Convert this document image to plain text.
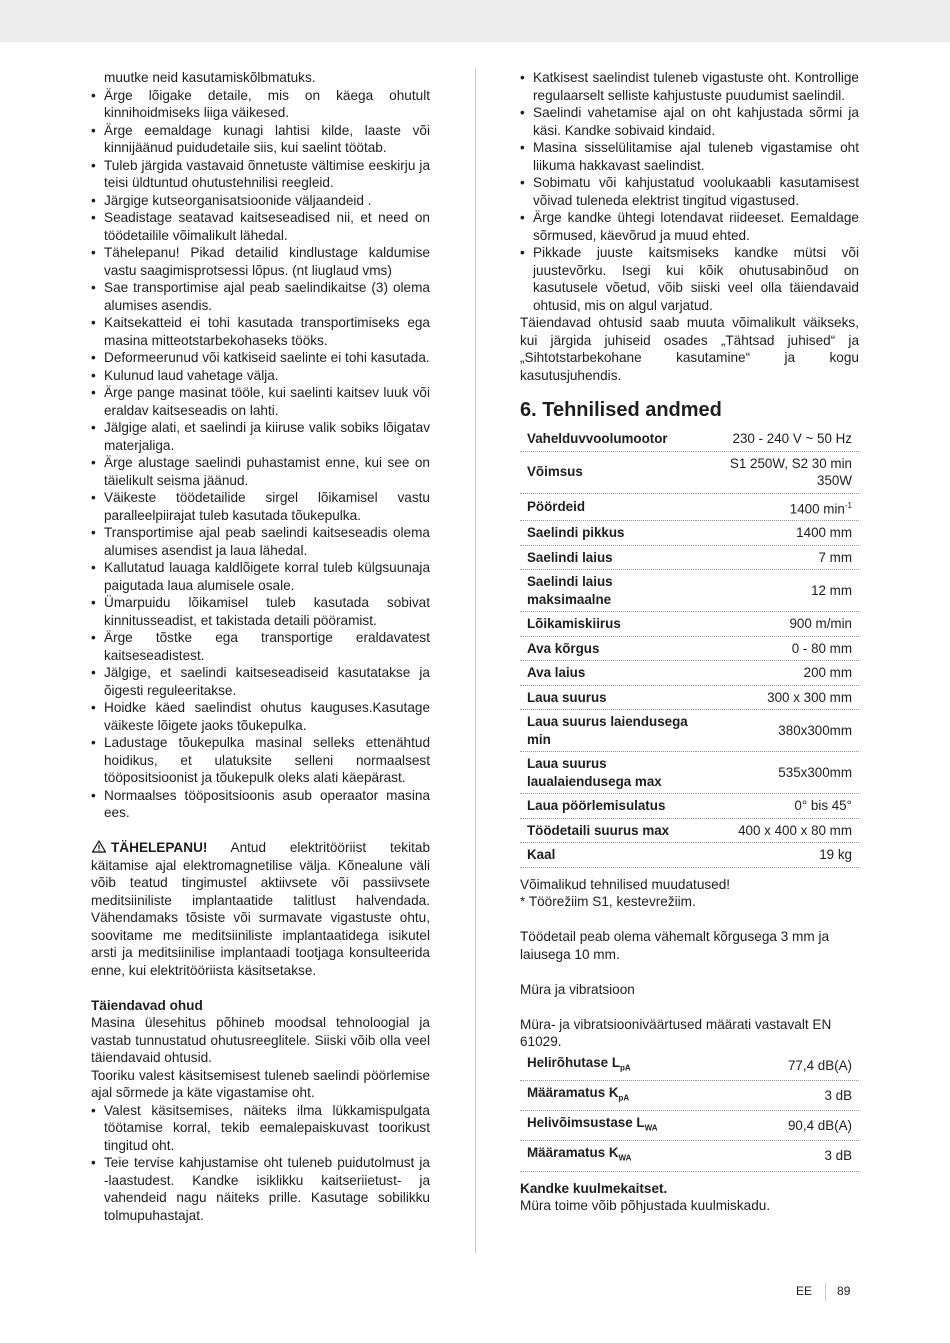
muutke neid kasutamiskõlbmatuks.

• Ärge lõigake detaile, mis on käega ohutult kinnihoidmiseks liiga väikesed.
• Ärge eemaldage kunagi lahtisi kilde, laaste või kinnijäänud puidudetaile siis, kui saelint töötab.
• Tuleb järgida vastavaid õnnetuste vältimise eeskirju ja teisi üldtuntud ohutustehnilisi reegleid.
• Järgige kutseorganisatsioonide väljaandeid .
• Seadistage seatavad kaitseseadised nii, et need on töödetailile võimalikult lähedal.
• Tähelepanu! Pikad detailid kindlustage kaldumise vastu saagimisprotsessi lõpus. (nt liuglaud vms)
• Sae transportimise ajal peab saelindikaitse (3) olema alumises asendis.
• Kaitsekatteid ei tohi kasutada transportimiseks ega masina mitteotstarbekohaseks tööks.
• Deformeerunud või katkiseid saelinte ei tohi kasutada.
• Kulunud laud vahetage välja.
• Ärge pange masinat tööle, kui saelinti kaitsev luuk või eraldav kaitseseadis on lahti.
• Jälgige alati, et saelindi ja kiiruse valik sobiks lõigatav materjaliga.
• Ärge alustage saelindi puhastamist enne, kui see on täielikult seisma jäänud.
• Väikeste töödetailide sirgel lõikamisel vastu paralleelpiirajat tuleb kasutada tõukepulka.
• Transportimise ajal peab saelindi kaitseseadis olema alumises asendist ja laua lähedal.
• Kallutatud lauaga kaldlõigete korral tuleb külgsuunaja paigutada laua alumisele osale.
• Ümarpuidu lõikamisel tuleb kasutada sobivat kinnitusseadist, et takistada detaili pööramist.
• Ärge tõstke ega transportige eraldavatest kaitseseadistest.
• Jälgige, et saelindi kaitseseadiseid kasutatakse ja õigesti reguleeritakse.
• Hoidke käed saelindist ohutus kauguses.Kasutage väikeste lõigete jaoks tõukepulka.
• Ladustage tõukepulka masinal selleks ettenähtud hoidikus, et ulatuksite selleni normaalsest tööpositsioonist ja tõukepulk oleks alati käepärast.
• Normaalses tööpositsioonis asub operaator masina ees.

TÄHELEPANU! Antud elektritööriist tekitab käitamise ajal elektromagnetilise välja. Kõnealune väli võib teatud tingimustel aktiivsete või passiivsete meditsiiniliste implantaatide talitlust halvendada. Vähendamaks tõsiste või surmavate vigastuste ohtu, soovitame me meditsiiniliste implantaatidega isikutel arsti ja meditsiinilise implantaadi tootjaga konsulteerida enne, kui elektritööriista käsitsetakse.

Täiendavad ohud

Masina ülesehitus põhineb moodsal tehnoloogial ja vastab tunnustatud ohutusreeglitele. Siiski võib olla veel täiendavaid ohtusid.

Tooriku valest käsitsemisest tuleneb saelindi pöörlemise ajal sõrmede ja käte vigastamise oht.

• Valest käsitsemises, näiteks ilma lükkamispulgata töötamise korral, tekib eemalepaiskuvast toorikust tingitud oht.
• Teie tervise kahjustamise oht tuleneb puidutolmust ja -laastudest. Kandke isiklikku kaitseriietust- ja vahendeid nagu näiteks prille. Kasutage sobilikku tolmupuhastajat.
• Katkisest saelindist tuleneb vigastuste oht. Kontrollige regulaarselt selliste kahjustuste puudumist saelindil.
• Saelindi vahetamise ajal on oht kahjustada sõrmi ja käsi. Kandke sobivaid kindaid.
• Masina sisselülitamise ajal tuleneb vigastamise oht liikuma hakkavast saelindist.
• Sobimatu või kahjustatud voolukaabli kasutamisest võivad tuleneda elektrist tingitud vigastused.
• Ärge kandke ühtegi lotendavat riideeset. Eemaldage sõrmused, käevõrud ja muud ehted.
• Pikkade juuste kaitsmiseks kandke mütsi või juustevõrku. Isegi kui kõik ohutusabinõud on kasutusele võetud, võib siiski veel olla täiendavaid ohtusid, mis on algul varjatud.

Täiendavad ohtusid saab muuta võimalikult väikseks, kui järgida juhiseid osades „Tähtsad juhised“ ja „Sihtotstarbekohane kasutamine“ ja kogu kasutusjuhendis.

6. Tehnilised andmed
Vahelduvvoolumootor	230 - 240 V ~ 50 Hz
Võimsus	S1 250W, S2 30 min 350W
Pöördeid	1400 $\min^{-1}$
Saelindi pikkus	1400 mm
Saelindi laius	7 mm
Saelindi laius maksimaalne	12 mm
Lõikamiskiirus	900 m/min
Ava kõrgus	0 - 80 mm
Ava laius	200 mm
Laua suurus	300 x 300 mm
Laua suurus laiendusega min	380x300mm
Laua suurus laualaiendusega max	535x300mm
Laua pöörlemisulatus	0° bis 45°
Töödetaili suurus max	400 x 400 x 80 mm
Kaal	19 kg

Võimalikud tehnilised muudatused!

* Töörežiim S1, kestevrežiim.

Töödetail peab olema vähemalt kõrgusega 3 mm ja laiusega 10 mm.

Müra ja vibratsioon

Müra- ja vibratsiooniväärtused määrati vastavalt EN 61029.

Helirõhutase $L_{pA}$	77,4 dB(A)
Määramatus $K_{pA}$	3 dB
Helivõimsustase $L_{WA}$	90,4 dB(A)
Määramatus $K_{WA}$	3 dB

Kandke kuulmekaitset.

Müra toime võib põhjustada kuulmiskadu.

EE 89
